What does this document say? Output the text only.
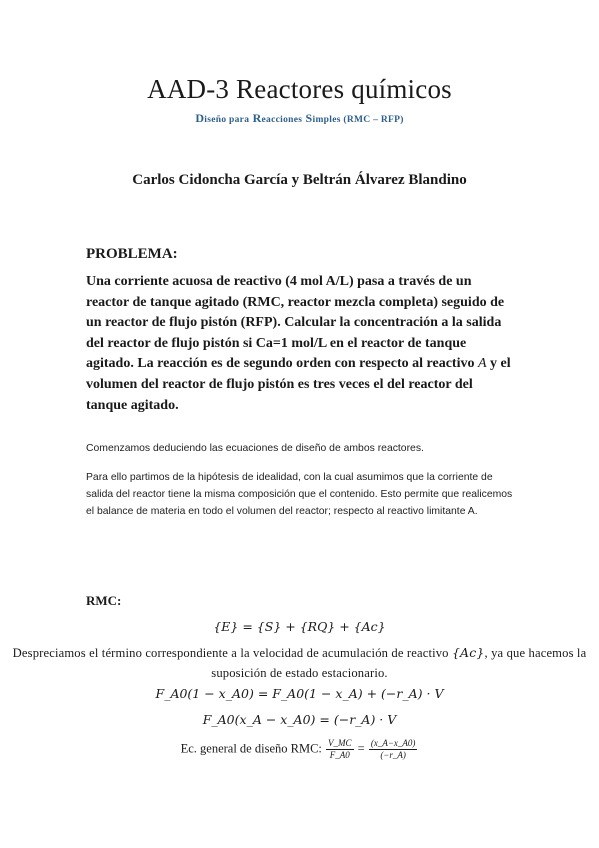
AAD-3 Reactores químicos
Diseño para Reacciones Simples (RMC – RFP)
Carlos Cidoncha García y Beltrán Álvarez Blandino
PROBLEMA:
Una corriente acuosa de reactivo (4 mol A/L) pasa a través de un reactor de tanque agitado (RMC, reactor mezcla completa) seguido de un reactor de flujo pistón (RFP). Calcular la concentración a la salida del reactor de flujo pistón si Ca=1 mol/L en el reactor de tanque agitado. La reacción es de segundo orden con respecto al reactivo A y el volumen del reactor de flujo pistón es tres veces el del reactor del tanque agitado.
Comenzamos deduciendo las ecuaciones de diseño de ambos reactores.
Para ello partimos de la hipótesis de idealidad, con la cual asumimos que la corriente de salida del reactor tiene la misma composición que el contenido. Esto permite que realicemos el balance de materia en todo el volumen del reactor; respecto al reactivo limitante A.
RMC:
{E} = {S} + {RQ} + {Ac}
Despreciamos el término correspondiente a la velocidad de acumulación de reactivo {Ac}, ya que hacemos la suposición de estado estacionario.
F_A0(1 − x_A0) = F_A0(1 − x_A) + (−r_A) · V
F_A0(x_A − x_A0) = (−r_A) · V
Ec. general de diseño RMC: $\frac{V\_MC}{F\_A0} = \frac{(x\_A-x\_A0)}{(-r\_A)}$
